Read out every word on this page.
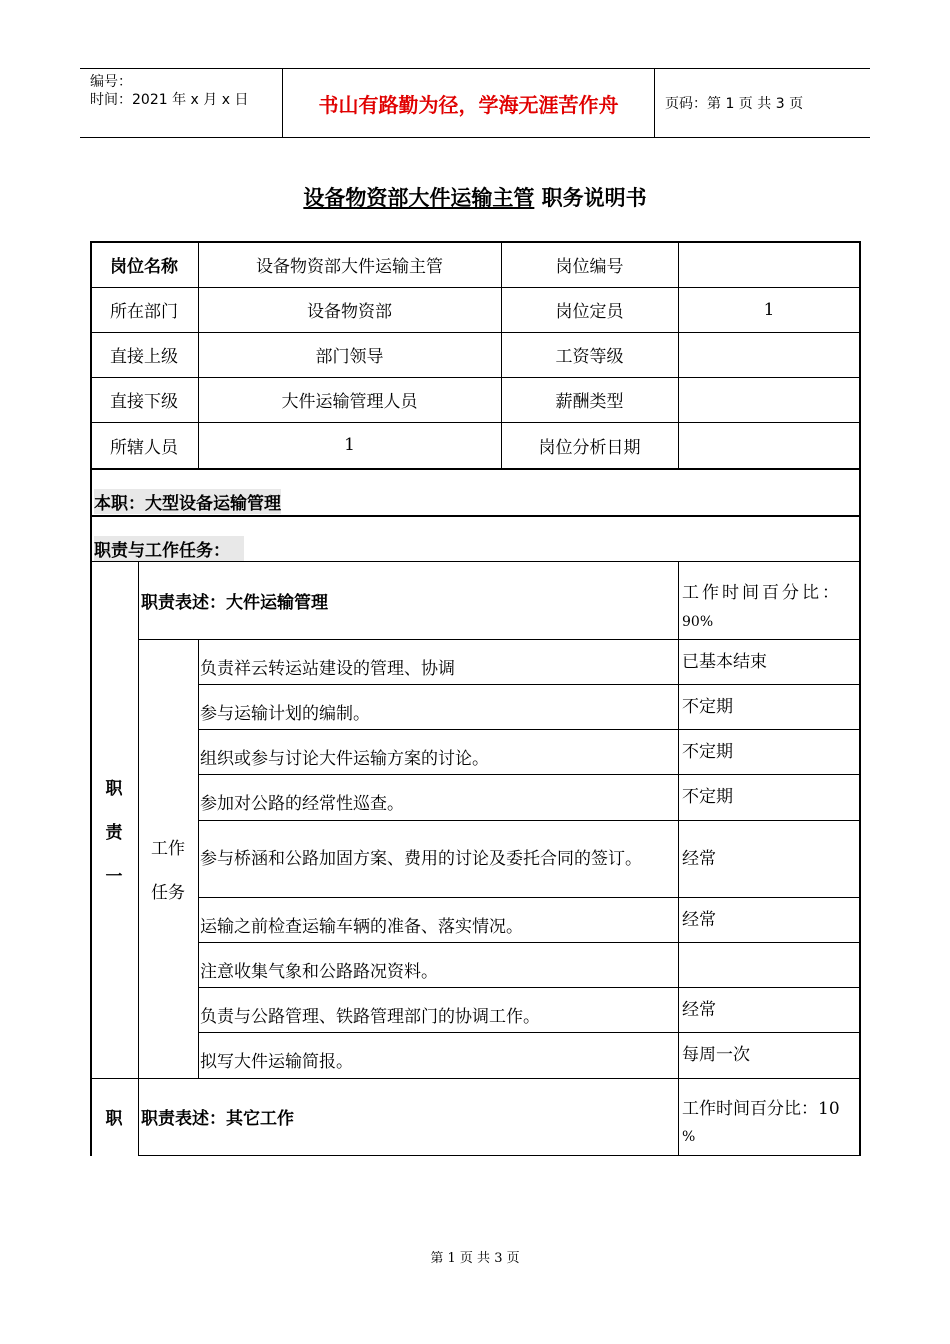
编号：
时间：2021 年 x 月 x 日	书山有路勤为径，学海无涯苦作舟	页码：第 1 页 共 3 页
设备物资部大件运输主管 职务说明书
岗位名称	设备物资部大件运输主管	岗位编号
所在部门	设备物资部	岗位定员	1
直接上级	部门领导	工资等级
直接下级	大件运输管理人员	薪酬类型
所辖人员	1	岗位分析日期
本职：大型设备运输管理
职责与工作任务：
职责表述：大件运输管理	工作时间百分比：
90%
职
责
一
工作
任务
负责祥云转运站建设的管理、协调	已基本结束
参与运输计划的编制。	不定期
组织或参与讨论大件运输方案的讨论。	不定期
参加对公路的经常性巡查。	不定期
参与桥涵和公路加固方案、费用的讨论及委托合同的签订。	经常
运输之前检查运输车辆的准备、落实情况。	经常
注意收集气象和公路路况资料。
负责与公路管理、铁路管理部门的协调工作。	经常
拟写大件运输简报。	每周一次
职	职责表述：其它工作	工作时间百分比：10
%
第 1 页 共 3 页
